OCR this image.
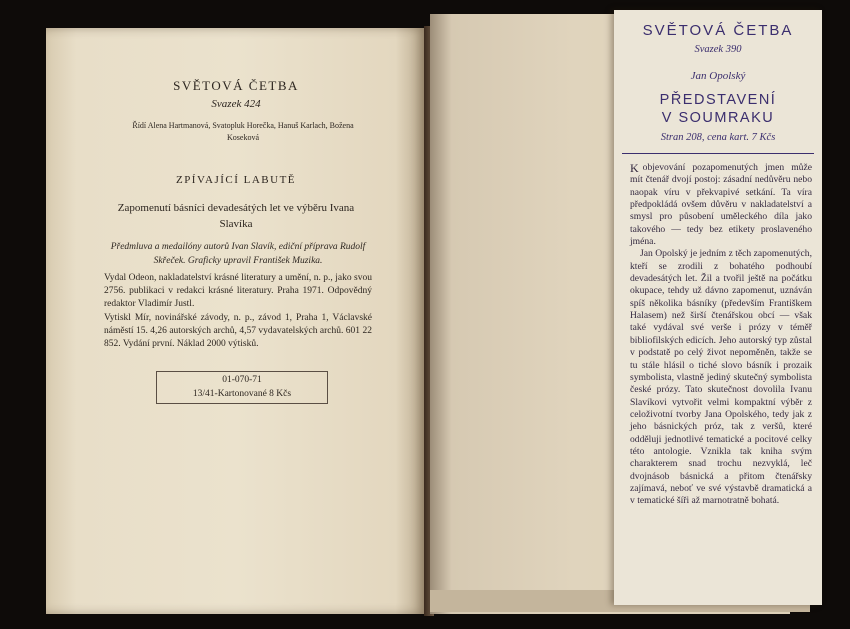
SVĚTOVÁ ČETBA
Svazek 424
Řídí Alena Hartmanová, Svatopluk Horečka, Hanuš Karlach, Božena Koseková
ZPÍVAJÍCÍ LABUTĚ
Zapomenutí básníci devadesátých let ve výběru Ivana Slavíka
Předmluva a medailóny autorů Ivan Slavík, ediční příprava Rudolf Skřeček. Graficky upravil František Muzika.
Vydal Odeon, nakladatelství krásné literatury a umění, n. p., jako svou 2756. publikaci v redakci krásné literatury. Praha 1971. Odpovědný redaktor Vladimír Justl.
Vytiskl Mír, novinářské závody, n. p., závod 1, Praha 1, Václavské náměstí 15. 4,26 autorských archů, 4,57 vydavatelských archů. 601 22 852. Vydání první. Náklad 2000 výtisků.
01-070-71
13/41-Kartonované 8 Kčs
SVĚTOVÁ ČETBA
Svazek 390
Jan Opolský
PŘEDSTAVENÍ
V SOUMRAKU
Stran 208, cena kart. 7 Kčs

K objevování pozapomenutých jmen může mít čtenář dvojí postoj: zásadní nedůvěru nebo naopak víru v překvapivé setkání. Ta víra předpokládá ovšem důvěru v nakladatelství a smysl pro působení uměleckého díla jako takového — tedy bez etikety proslaveného jména.

Jan Opolský je jedním z těch zapomenutých, kteří se zrodili z bohatého podhoubí devadesátých let. Žil a tvořil ještě na počátku okupace, tehdy už dávno zapomenut, uznáván spíš několika básníky (především Františkem Halasem) než širší čtenářskou obcí — však také vydával své verše i prózy v téměř bibliofilských edicích. Jeho autorský typ zůstal v podstatě po celý život nepoměněn, takže se tu stále hlásil o tiché slovo básník i prozaik symbolista, vlastně jediný skutečný symbolista české prózy. Tato skutečnost dovolila Ivanu Slavíkovi vytvořit velmi kompaktní výběr z celoživotní tvorby Jana Opolského, tedy jak z jeho básnických próz, tak z veršů, které odděluji jednotlivé tematické a pocitové celky této antologie. Vznikla tak kniha svým charakterem snad trochu nezvyklá, leč dvojnásob básnická a přitom čtenářsky zajímavá, neboť ve své výstavbě dramatická a v tematické šíři až marnotratně bohatá.
